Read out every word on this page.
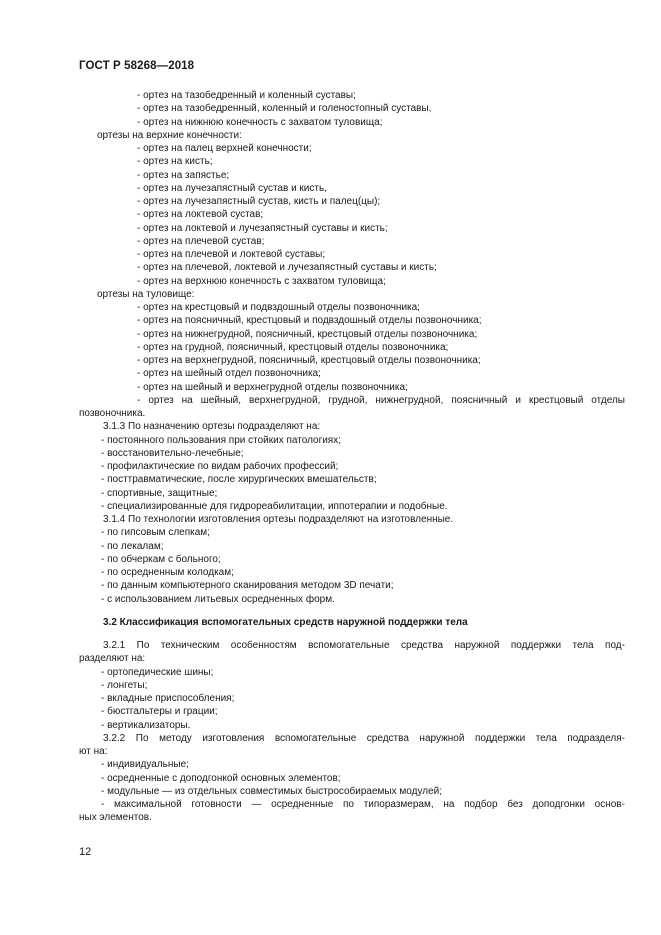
ГОСТ Р 58268—2018
- ортез на тазобедренный и коленный суставы;
- ортез на тазобедренный, коленный и голеностопный суставы,
- ортез на нижнюю конечность с захватом туловища;
ортезы на верхние конечности:
- ортез на палец верхней конечности;
- ортез на кисть;
- ортез на запястье;
- ортез на лучезапястный сустав и кисть,
- ортез на лучезапястный сустав, кисть и палец(цы);
- ортез на локтевой сустав;
- ортез на локтевой и лучезапястный суставы и кисть;
- ортез на плечевой сустав;
- ортез на плечевой и локтевой суставы;
- ортез на плечевой, локтевой и лучезапястный суставы и кисть;
- ортез на верхнюю конечность с захватом туловища;
ортезы на туловище:
- ортез на крестцовый и подвздошный отделы позвоночника;
- ортез на поясничный, крестцовый и подвздошный отделы позвоночника;
- ортез на нижнегрудной, поясничный, крестцовый отделы позвоночника;
- ортез на грудной, поясничный, крестцовый отделы позвоночника;
- ортез на верхнегрудной, поясничный, крестцовый отделы позвоночника;
- ортез на шейный отдел позвоночника;
- ортез на шейный и верхнегрудной отделы позвоночника;
- ортез на шейный, верхнегрудной, грудной, нижнегрудной, поясничный и крестцовый отделы
позвоночника.
3.1.3 По назначению ортезы подразделяют на:
- постоянного пользования при стойких патологиях;
- восстановительно-лечебные;
- профилактические по видам рабочих профессий;
- посттравматические, после хирургических вмешательств;
- спортивные, защитные;
- специализированные для гидрореабилитации, иппотерапии и подобные.
3.1.4 По технологии изготовления ортезы подразделяют на изготовленные.
- по гипсовым слепкам;
- по лекалам;
- по обчеркам с больного;
- по осредненным колодкам;
- по данным компьютерного сканирования методом 3D печати;
- с использованием литьевых осредненных форм.
3.2 Классификация вспомогательных средств наружной поддержки тела
3.2.1 По техническим особенностям вспомогательные средства наружной поддержки тела под-
разделяют на:
- ортопедические шины;
- лонгеты;
- вкладные приспособления;
- бюстгальтеры и грации;
- вертикализаторы.
3.2.2 По методу изготовления вспомогательные средства наружной поддержки тела подразделя-
ют на:
- индивидуальные;
- осредненные с доподгонкой основных элементов;
- модульные — из отдельных совместимых быстрособираемых модулей;
- максимальной готовности — осредненные по типоразмерам, на подбор без доподгонки основ-
ных элементов.
12
